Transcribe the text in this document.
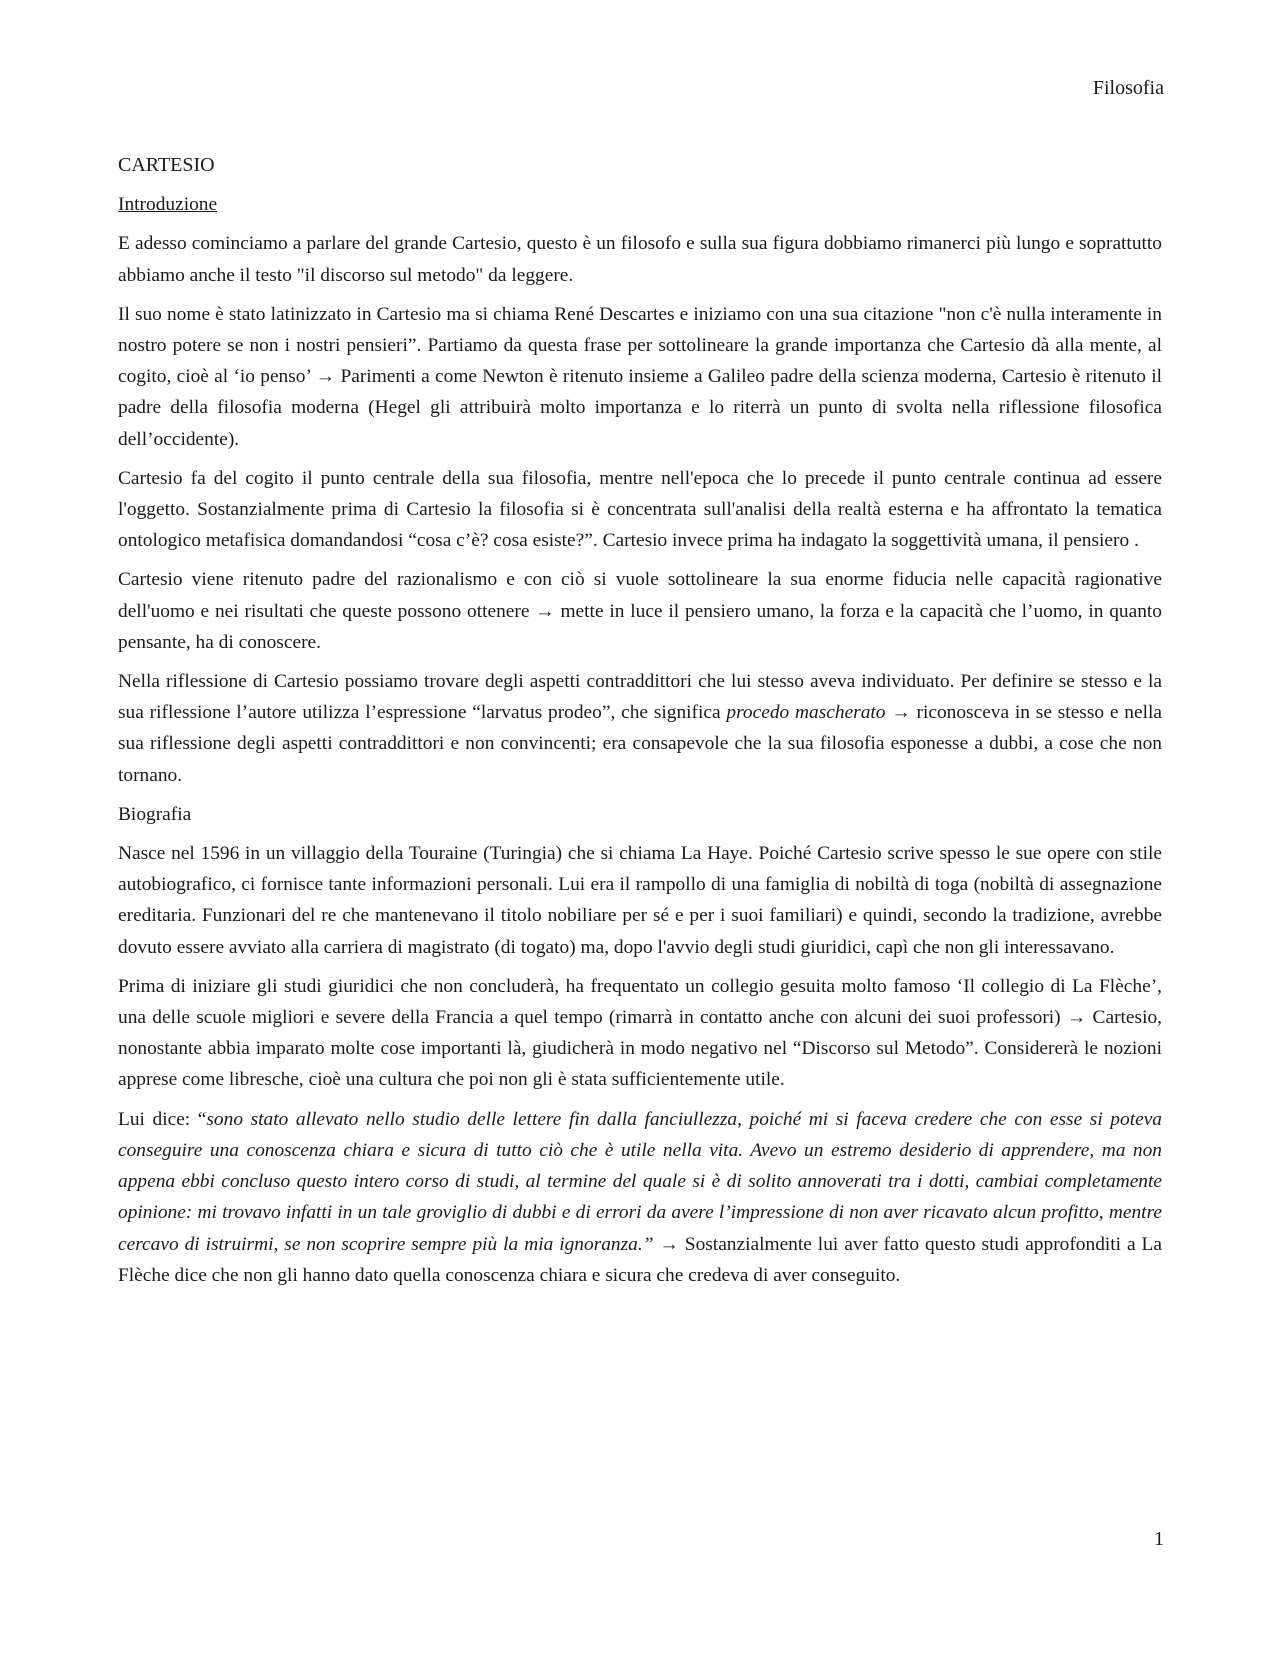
Filosofia
CARTESIO
Introduzione

E adesso cominciamo a parlare del grande Cartesio, questo è un filosofo e sulla sua figura dobbiamo rimanerci più lungo e soprattutto abbiamo anche il testo "il discorso sul metodo" da leggere.

Il suo nome è stato latinizzato in Cartesio ma si chiama René Descartes e iniziamo con una sua citazione "non c'è nulla interamente in nostro potere se non i nostri pensieri”. Partiamo da questa frase per sottolineare la grande importanza che Cartesio dà alla mente, al cogito, cioè al ‘io penso’ → Parimenti a come Newton è ritenuto insieme a Galileo padre della scienza moderna, Cartesio è ritenuto il padre della filosofia moderna (Hegel gli attribuirà molto importanza e lo riterrà un punto di svolta nella riflessione filosofica dell’occidente).

Cartesio fa del cogito il punto centrale della sua filosofia, mentre nell'epoca che lo precede il punto centrale continua ad essere l'oggetto. Sostanzialmente prima di Cartesio la filosofia si è concentrata sull'analisi della realtà esterna e ha affrontato la tematica ontologico metafisica domandandosi “cosa c’è? cosa esiste?”. Cartesio invece prima ha indagato la soggettività umana, il pensiero .

Cartesio viene ritenuto padre del razionalismo e con ciò si vuole sottolineare la sua enorme fiducia nelle capacità ragionative dell'uomo e nei risultati che queste possono ottenere → mette in luce il pensiero umano, la forza e la capacità che l’uomo, in quanto pensante, ha di conoscere.

Nella riflessione di Cartesio possiamo trovare degli aspetti contraddittori che lui stesso aveva individuato. Per definire se stesso e la sua riflessione l’autore utilizza l’espressione “larvatus prodeo”, che significa procedo mascherato → riconosceva in se stesso e nella sua riflessione degli aspetti contraddittori e non convincenti; era consapevole che la sua filosofia esponesse a dubbi, a cose che non tornano.

Biografia

Nasce nel 1596 in un villaggio della Touraine (Turingia) che si chiama La Haye. Poiché Cartesio scrive spesso le sue opere con stile autobiografico, ci fornisce tante informazioni personali. Lui era il rampollo di una famiglia di nobiltà di toga (nobiltà di assegnazione ereditaria. Funzionari del re che mantenevano il titolo nobiliare per sé e per i suoi familiari) e quindi, secondo la tradizione, avrebbe dovuto essere avviato alla carriera di magistrato (di togato) ma, dopo l'avvio degli studi giuridici, capì che non gli interessavano.

Prima di iniziare gli studi giuridici che non concluderà, ha frequentato un collegio gesuita molto famoso ‘Il collegio di La Flèche’, una delle scuole migliori e severe della Francia a quel tempo (rimarrà in contatto anche con alcuni dei suoi professori) → Cartesio, nonostante abbia imparato molte cose importanti là, giudicherà in modo negativo nel “Discorso sul Metodo”. Considererà le nozioni apprese come libresche, cioè una cultura che poi non gli è stata sufficientemente utile.

Lui dice: “sono stato allevato nello studio delle lettere fin dalla fanciullezza, poiché mi si faceva credere che con esse si poteva conseguire una conoscenza chiara e sicura di tutto ciò che è utile nella vita. Avevo un estremo desiderio di apprendere, ma non appena ebbi concluso questo intero corso di studi, al termine del quale si è di solito annoverati tra i dotti, cambiai completamente opinione: mi trovavo infatti in un tale groviglio di dubbi e di errori da avere l’impressione di non aver ricavato alcun profitto, mentre cercavo di istruirmi, se non scoprire sempre più la mia ignoranza.” → Sostanzialmente lui aver fatto questo studi approfonditi a La Flèche dice che non gli hanno dato quella conoscenza chiara e sicura che credeva di aver conseguito.

1
